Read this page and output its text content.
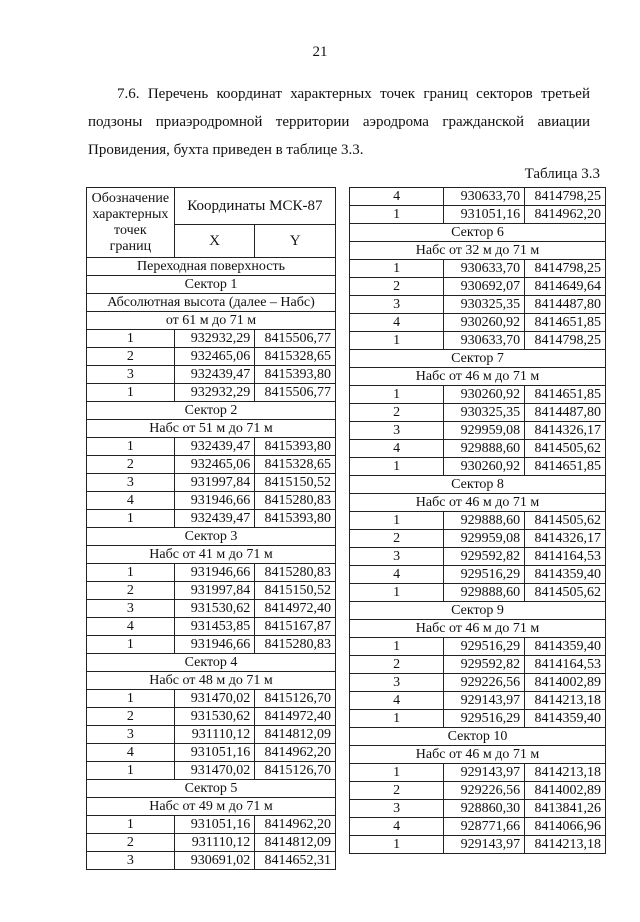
21
7.6. Перечень координат характерных точек границ секторов третьей
подзоны приаэродромной территории аэродрома гражданской авиации
Провидения, бухта приведен в таблице 3.3.
Таблица 3.3
Обозначение
характерных
точек
границ	Координаты МСК-87	
	X	Y
Переходная поверхность		
Сектор 1		
Абсолютная высота (далее – Набс)		
от 61 м до 71 м		
1	932932,29	8415506,77
2	932465,06	8415328,65
3	932439,47	8415393,80
1	932932,29	8415506,77
Сектор 2		
Набс от 51 м до 71 м		
1	932439,47	8415393,80
2	932465,06	8415328,65
3	931997,84	8415150,52
4	931946,66	8415280,83
1	932439,47	8415393,80
Сектор 3		
Набс от 41 м до 71 м		
1	931946,66	8415280,83
2	931997,84	8415150,52
3	931530,62	8414972,40
4	931453,85	8415167,87
1	931946,66	8415280,83
Сектор 4		
Набс от 48 м до 71 м		
1	931470,02	8415126,70
2	931530,62	8414972,40
3	931110,12	8414812,09
4	931051,16	8414962,20
1	931470,02	8415126,70
Сектор 5		
Набс от 49 м до 71 м		
1	931051,16	8414962,20
2	931110,12	8414812,09
3	930691,02	8414652,31
4	930633,70	8414798,25
1	931051,16	8414962,20
Сектор 6		
Набс от 32 м до 71 м		
1	930633,70	8414798,25
2	930692,07	8414649,64
3	930325,35	8414487,80
4	930260,92	8414651,85
1	930633,70	8414798,25
Сектор 7		
Набс от 46 м до 71 м		
1	930260,92	8414651,85
2	930325,35	8414487,80
3	929959,08	8414326,17
4	929888,60	8414505,62
1	930260,92	8414651,85
Сектор 8		
Набс от 46 м до 71 м		
1	929888,60	8414505,62
2	929959,08	8414326,17
3	929592,82	8414164,53
4	929516,29	8414359,40
1	929888,60	8414505,62
Сектор 9		
Набс от 46 м до 71 м		
1	929516,29	8414359,40
2	929592,82	8414164,53
3	929226,56	8414002,89
4	929143,97	8414213,18
1	929516,29	8414359,40
Сектор 10		
Набс от 46 м до 71 м		
1	929143,97	8414213,18
2	929226,56	8414002,89
3	928860,30	8413841,26
4	928771,66	8414066,96
1	929143,97	8414213,18
